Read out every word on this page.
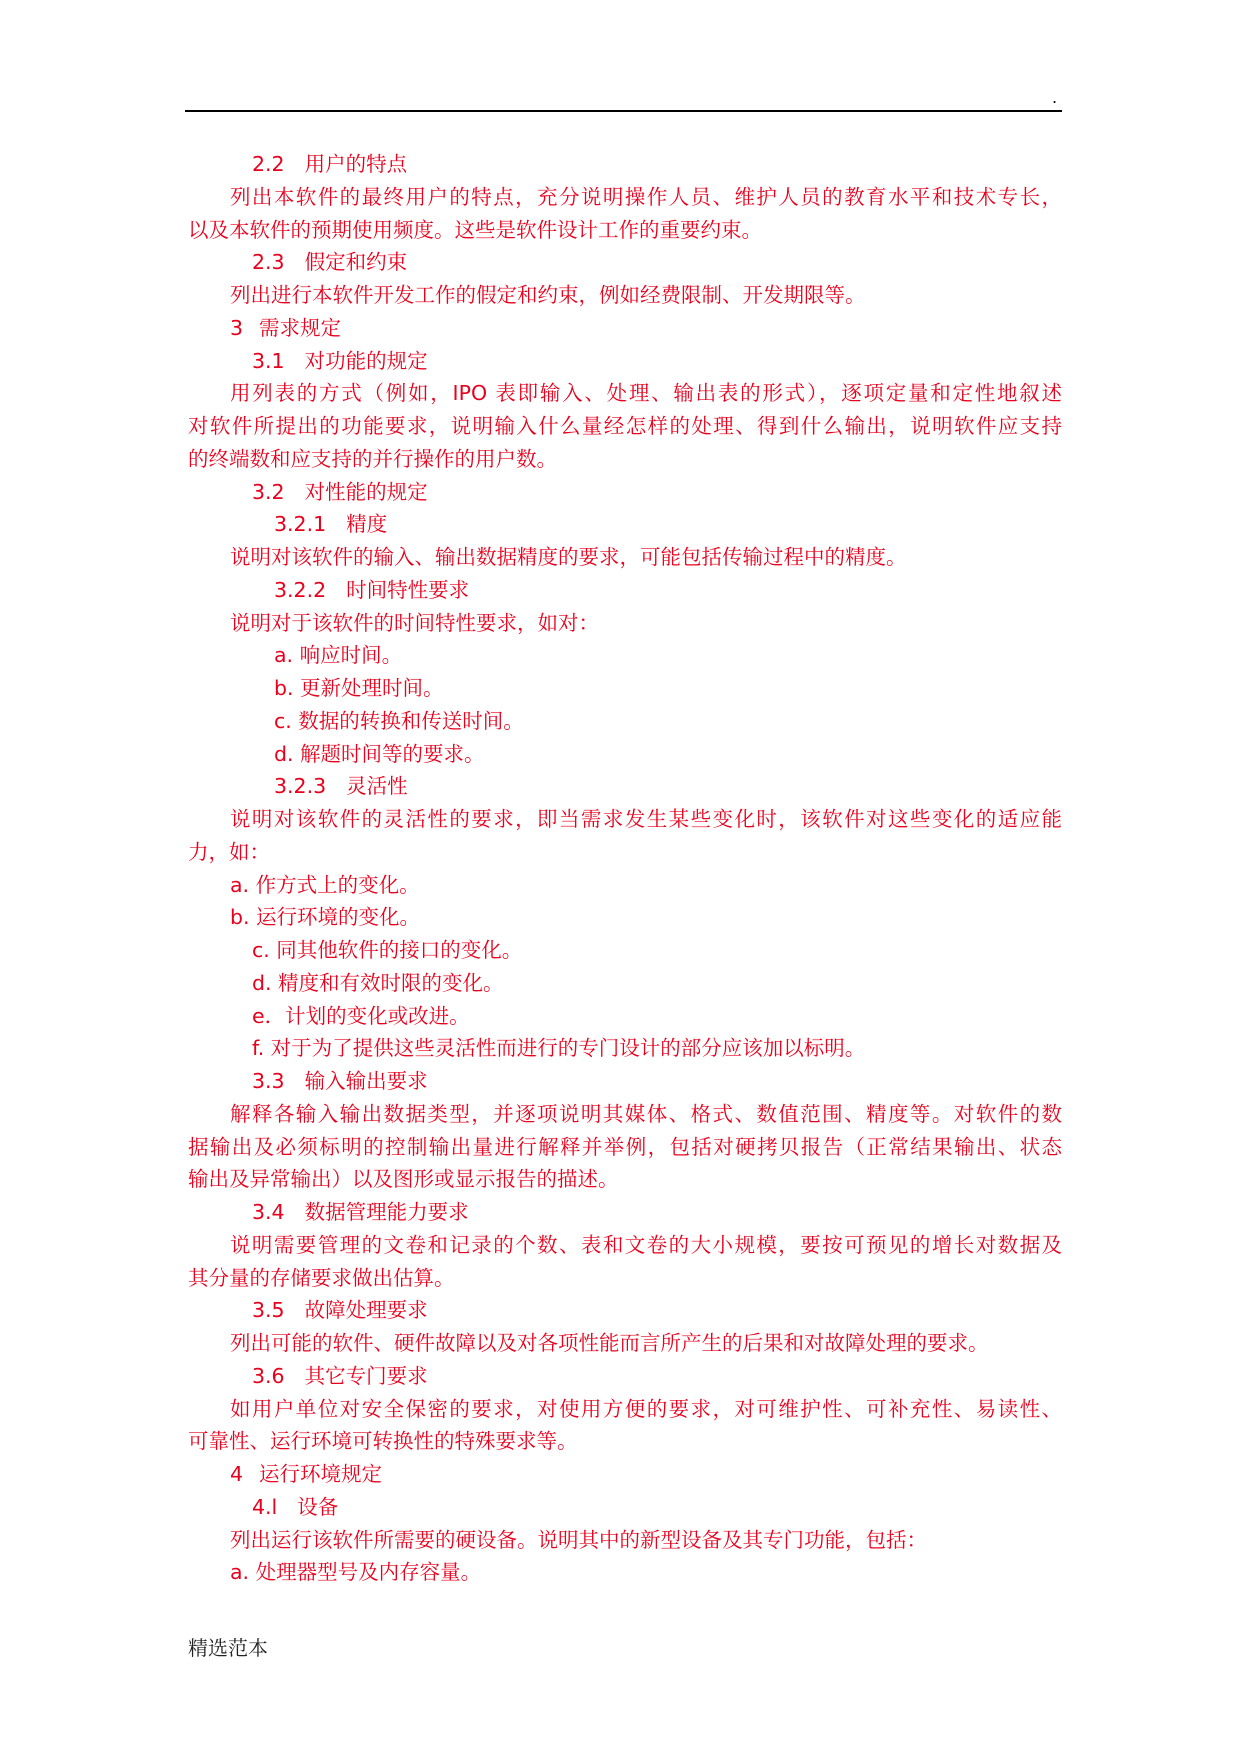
.
2.2 用户的特点
列出本软件的最终用户的特点，充分说明操作人员、维护人员的教育水平和技术专长，
以及本软件的预期使用频度。这些是软件设计工作的重要约束。
2.3 假定和约束
列出进行本软件开发工作的假定和约束，例如经费限制、开发期限等。
3 需求规定
3.1 对功能的规定
用列表的方式（例如，IPO 表即输入、处理、输出表的形式），逐项定量和定性地叙述
对软件所提出的功能要求，说明输入什么量经怎样的处理、得到什么输出，说明软件应支持
的终端数和应支持的并行操作的用户数。
3.2 对性能的规定
3.2.1 精度
说明对该软件的输入、输出数据精度的要求，可能包括传输过程中的精度。
3.2.2 时间特性要求
说明对于该软件的时间特性要求，如对：
a. 响应时间。
b. 更新处理时间。
c. 数据的转换和传送时间。
d. 解题时间等的要求。
3.2.3 灵活性
说明对该软件的灵活性的要求，即当需求发生某些变化时，该软件对这些变化的适应能
力，如：
a. 作方式上的变化。
b. 运行环境的变化。
c. 同其他软件的接口的变化。
d. 精度和有效时限的变化。
e．计划的变化或改进。
f. 对于为了提供这些灵活性而进行的专门设计的部分应该加以标明。
3.3 输入输出要求
解释各输入输出数据类型，并逐项说明其媒体、格式、数值范围、精度等。对软件的数
据输出及必须标明的控制输出量进行解释并举例，包括对硬拷贝报告（正常结果输出、状态
输出及异常输出）以及图形或显示报告的描述。
3.4 数据管理能力要求
说明需要管理的文卷和记录的个数、表和文卷的大小规模，要按可预见的增长对数据及
其分量的存储要求做出估算。
3.5 故障处理要求
列出可能的软件、硬件故障以及对各项性能而言所产生的后果和对故障处理的要求。
3.6 其它专门要求
如用户单位对安全保密的要求，对使用方便的要求，对可维护性、可补充性、易读性、
可靠性、运行环境可转换性的特殊要求等。
4 运行环境规定
4.l 设备
列出运行该软件所需要的硬设备。说明其中的新型设备及其专门功能，包括：
a. 处理器型号及内存容量。
精选范本
